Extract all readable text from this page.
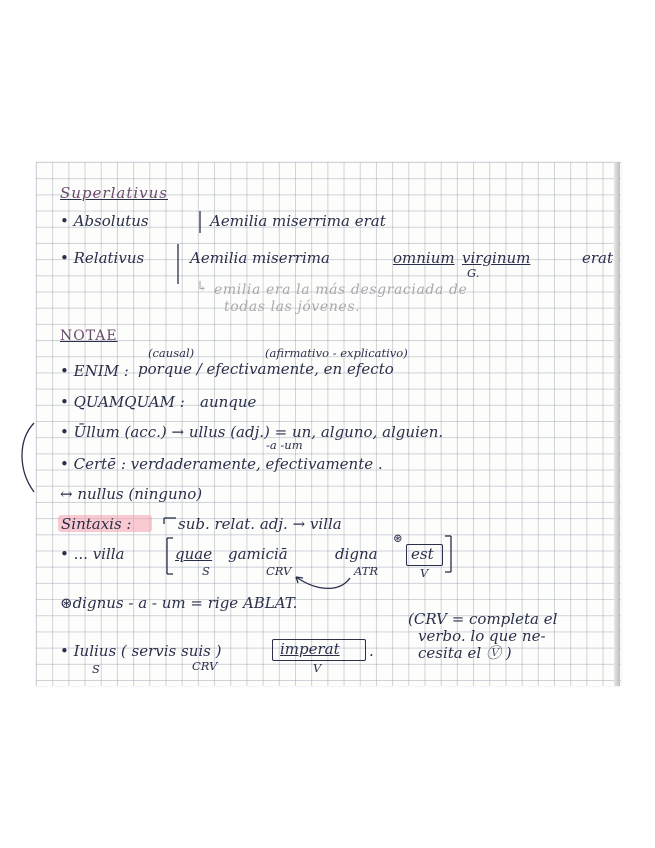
Superlativus
• Absolutus	Aemilia miserrima erat
• Relativus	Aemilia miserrima	omnium virginum	erat
G.
↳ emilia era la más desgraciada de
todas las jóvenes.
NOTAE
(causal)	(afirmativo - explicativo)
• ENIM : porque / efectivamente, en efecto
• QUAMQUAM : aunque
• Ūllum (acc.) → ullus (adj.) = un, alguno, alguien.
-a -um
• Certē : verdaderamente, efectivamente .
↔ nullus (ninguno)
Sintaxis :	sub. relat. adj. → villa
• ... villa	quae gamiciā	digna
⊛
est
S	CRV	ATR	V
⊛dignus - a - um = rige ABLAT.
(CRV = completa el
verbo. lo que ne-
cesita el Ⓥ )
• Iulius ( servis suis )	imperat .
S	CRV	V
